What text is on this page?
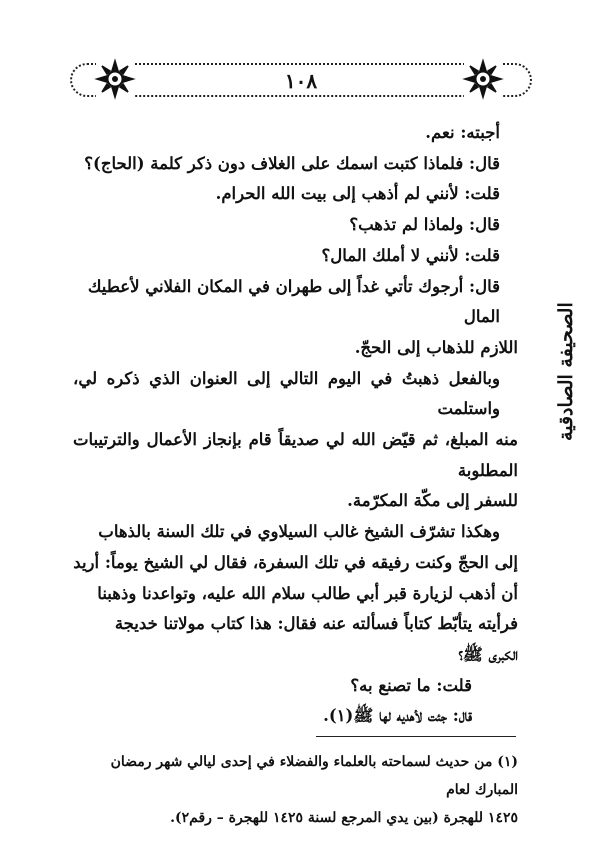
١٠٨
الصحيفة الصادقية

أجبته: نعم.

قال: فلماذا كتبت اسمك على الغلاف دون ذكر كلمة (الحاج)؟

قلت: لأنني لم أذهب إلى بيت الله الحرام.

قال: ولماذا لم تذهب؟

قلت: لأنني لا أملك المال؟

قال: أرجوك تأتي غداً إلى طهران في المكان الفلاني لأعطيك المال

اللازم للذهاب إلى الحجّ.

وبالفعل ذهبتُ في اليوم التالي إلى العنوان الذي ذكره لي، واستلمت

منه المبلغ، ثم قيّض الله لي صديقاً قام بإنجاز الأعمال والترتيبات المطلوبة

للسفر إلى مكّة المكرّمة.

وهكذا تشرّف الشيخ غالب السيلاوي في تلك السنة بالذهاب

إلى الحجّ وكنت رفيقه في تلك السفرة، فقال لي الشيخ يوماً: أريد

أن أذهب لزيارة قبر أبي طالب سلام الله عليه، وتواعدنا وذهبنا

فرأيته يتأبّط كتاباً فسألته عنه فقال: هذا كتاب مولاتنا خديجة

الكبرى ﷺ؟

قلت: ما تصنع به؟

قال: جئت لأهديه لها ﷺ(١).

(١) من حديث لسماحته بالعلماء والفضلاء في إحدى ليالي شهر رمضان المبارك لعام

١٤٢٥ للهجرة (بين يدي المرجع لسنة ١٤٢٥ للهجرة – رقم٢).
